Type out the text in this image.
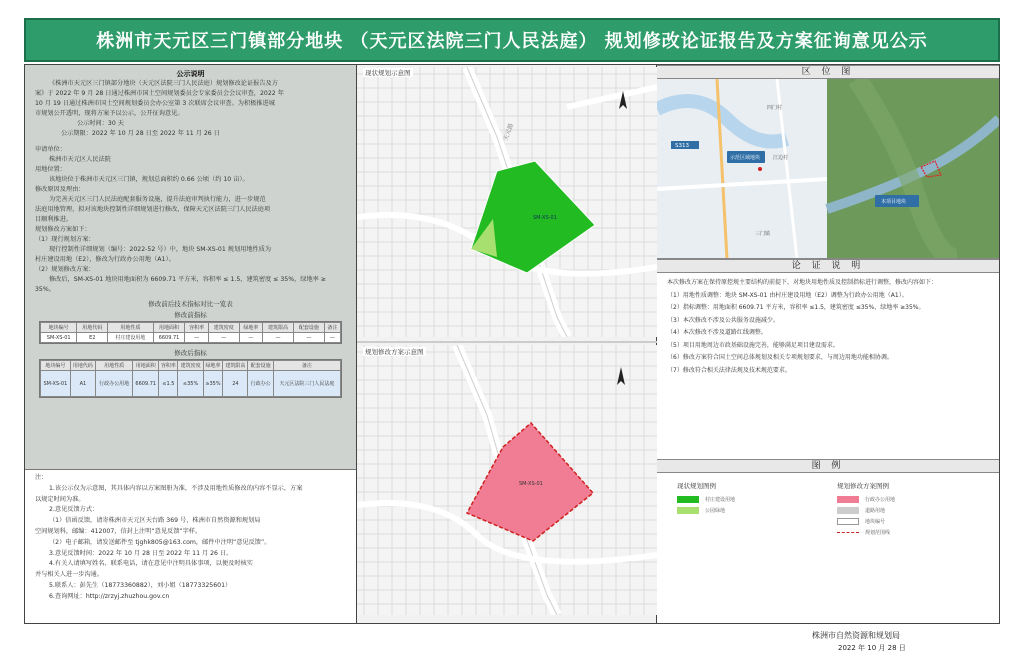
株洲市天元区三门镇部分地块 （天元区法院三门人民法庭） 规划修改论证报告及方案征询意见公示
公示说明
《株洲市天元区三门镇部分地块（天元区法院三门人民法庭）规划修改论证报告及方
案》于 2022 年 9 月 28 日通过株洲市国土空间规划委员会专家委员会会议审查，2022 年
10 月 19 日通过株洲市国土空间规划委员会办公室第 3 次联席会议审查。为积极推进城
市规划公开透明，现将方案予以公示，公开征询意见。
公示时间：30 天
公示期限：2022 年 10 月 28 日至 2022 年 11 月 26 日
申请单位：
株洲市天元区人民法院
用地位置：
该地块位于株洲市天元区三门镇，规划总面积约 0.66 公顷（约 10 亩）。
修改原因及理由：
为完善天元区三门人民法庭配套服务设施，提升法庭审判执行能力，进一步规范
法庭用地管理，拟对该地块控制性详细规划进行修改，保障天元区法院三门人民法庭项
目顺利推进。
规划修改方案如下：
（1）现行规划方案：
现行控制性详细规划（编号：2022-52 号）中，地块 SM-XS-01 规划用地性质为
村庄建设用地（E2），修改为行政办公用地（A1）。
（2）规划修改方案：
修改后，SM-XS-01 地块用地面积为 6609.71 平方米，容积率 ≤ 1.5，建筑密度 ≤ 35%，绿地率 ≥
35%。
修改前后技术指标对比一览表
修改前指标
地块编号	用地代码	用地性质	用地面积	容积率	建筑密度	绿地率	建筑限高	配套设施	备注
SM-XS-01	E2	村庄建设用地	6609.71	—	—	—	—	—	—
修改后指标
地块编号	用地代码	用地性质	用地面积	容积率	建筑密度	绿地率	建筑限高	配套设施	备注
SM-XS-01	A1	行政办公用地	6609.71	≤1.5	≤35%	≥35%	24	行政办公	天元区法院三门人民法庭
注：
1.该公示仅为示意图，其具体内容以方案图册为准，不涉及用地性质修改的内容不显示，方案
以规定时间为准。
2.意见反馈方式：
（1）信函反馈，请寄株洲市天元区天台路 369 号，株洲市自然资源和规划局
空间规划科，邮编：412007，信封上注明“意见反馈”字样。
（2）电子邮箱，请发送邮件至 tjghk805@163.com，邮件中注明“意见反馈”。
3.意见反馈时间：2022 年 10 月 28 日至 2022 年 11 月 26 日。
4.有关人请填写姓名、联系电话，请在意见中注明具体事项，以便及时核实
并与相关人进一步沟通。
5.联系人：彭先生（18773360882），刘小姐（18773325601）
6.查询网址：http://zrzyj.zhuzhou.gov.cn
SM-XS-01
天元路
现状规划示意图
SM-XS-01
规划修改方案示意图
区 位 图
S313
示范区域地块
四门村
江边村
三门镇
本项目地块
论 证 说 明
本次修改方案在保持原控规主要结构的前提下，对地块用地性质及控制指标进行调整，修改内容如下：
（1）用地性质调整：地块 SM-XS-01 由村庄建设用地（E2）调整为行政办公用地（A1）。
（2）指标调整：用地面积 6609.71 平方米，容积率 ≤1.5，建筑密度 ≤35%，绿地率 ≥35%。
（3）本次修改不涉及公共服务设施减少。
（4）本次修改不涉及道路红线调整。
（5）项目用地周边市政基础设施完善，能够满足项目建设需求。
（6）修改方案符合国土空间总体规划及相关专项规划要求，与周边用地功能相协调。
（7）修改符合相关法律法规及技术规范要求。
图 例
现状规划图例
村庄建设用地
公园绿地
规划修改方案图例
行政办公用地
道路用地
地块编号
规划范围线
株洲市自然资源和规划局
2022 年 10 月 28 日
